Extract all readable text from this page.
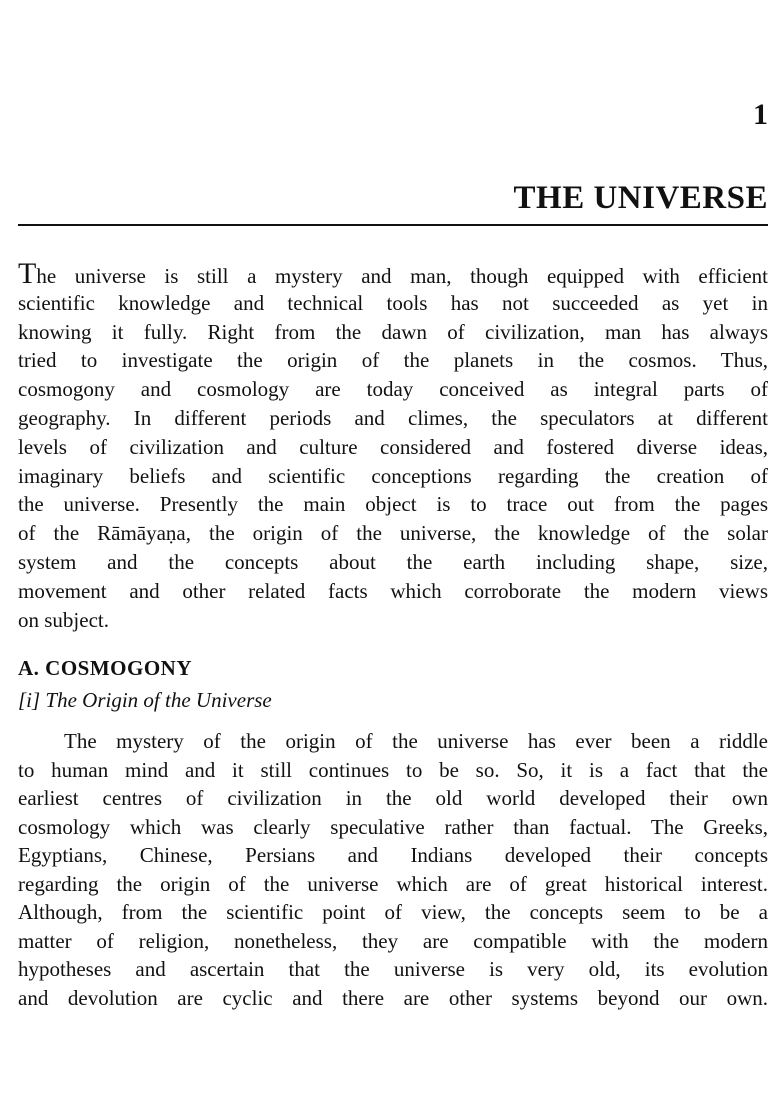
1
THE UNIVERSE
The universe is still a mystery and man, though equipped with efficient
scientific knowledge and technical tools has not succeeded as yet in
knowing it fully. Right from the dawn of civilization, man has always
tried to investigate the origin of the planets in the cosmos. Thus,
cosmogony and cosmology are today conceived as integral parts of
geography. In different periods and climes, the speculators at different
levels of civilization and culture considered and fostered diverse ideas,
imaginary beliefs and scientific conceptions regarding the creation of
the universe. Presently the main object is to trace out from the pages
of the Rāmāyaṇa, the origin of the universe, the knowledge of the solar
system and the concepts about the earth including shape, size,
movement and other related facts which corroborate the modern views
on subject.
A. COSMOGONY
[i] The Origin of the Universe
The mystery of the origin of the universe has ever been a riddle
to human mind and it still continues to be so. So, it is a fact that the
earliest centres of civilization in the old world developed their own
cosmology which was clearly speculative rather than factual. The Greeks,
Egyptians, Chinese, Persians and Indians developed their concepts
regarding the origin of the universe which are of great historical interest.
Although, from the scientific point of view, the concepts seem to be a
matter of religion, nonetheless, they are compatible with the modern
hypotheses and ascertain that the universe is very old, its evolution
and devolution are cyclic and there are other systems beyond our own.
